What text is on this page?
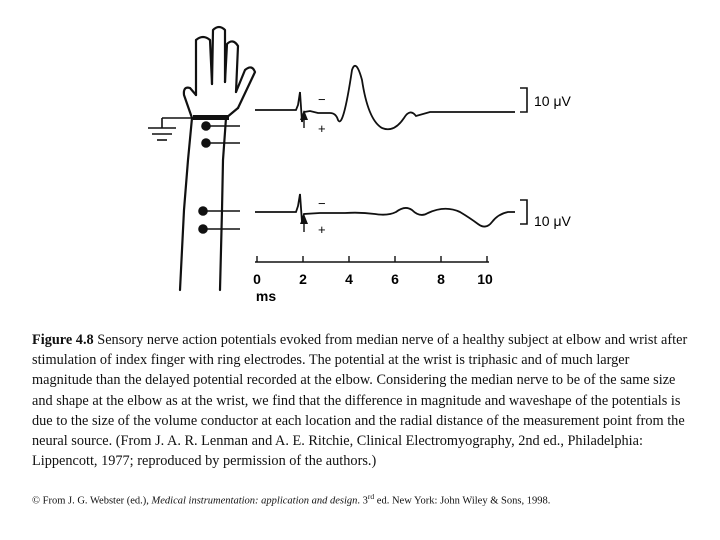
−
+
10 μV
−
+
10 μV
0	2	4	6	8 10
ms
Figure 4.8 Sensory nerve action potentials evoked from median nerve of a healthy subject at elbow and wrist after stimulation of index finger with ring electrodes. The potential at the wrist is triphasic and of much larger magnitude than the delayed potential recorded at the elbow. Considering the median nerve to be of the same size and shape at the elbow as at the wrist, we find that the difference in magnitude and waveshape of the potentials is due to the size of the volume conductor at each location and the radial distance of the measurement point from the neural source. (From J. A. R. Lenman and A. E. Ritchie, Clinical Electromyography, 2nd ed., Philadelphia: Lippencott, 1977; reproduced by permission of the authors.)
© From J. G. Webster (ed.), Medical instrumentation: application and design. 3rd ed. New York: John Wiley & Sons, 1998.
